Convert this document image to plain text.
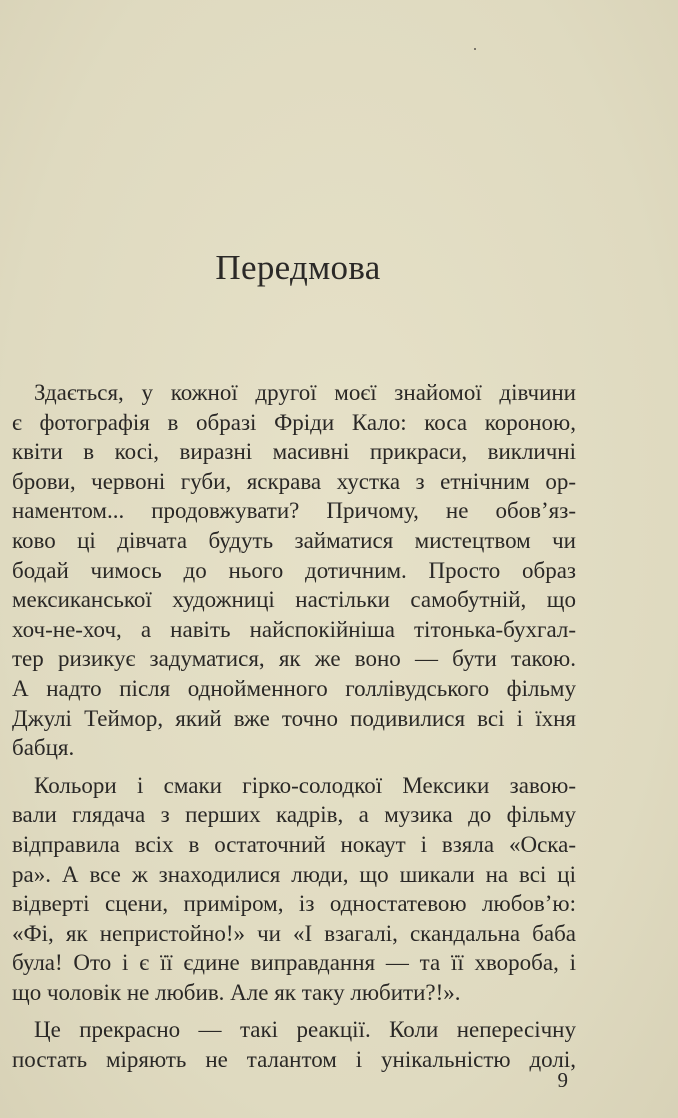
Передмова
Здається, у кожної другої моєї знайомої дівчини
є фотографія в образі Фріди Кало: коса короною,
квіти в косі, виразні масивні прикраси, викличні
брови, червоні губи, яскрава хустка з етнічним ор-
наментом... продовжувати? Причому, не обов’яз-
ково ці дівчата будуть займатися мистецтвом чи
бодай чимось до нього дотичним. Просто образ
мексиканської художниці настільки самобутній, що
хоч-не-хоч, а навіть найспокійніша тітонька-бухгал-
тер ризикує задуматися, як же воно — бути такою.
А надто після однойменного голлівудського фільму
Джулі Теймор, який вже точно подивилися всі і їхня
бабця.
Кольори і смаки гірко-солодкої Мексики завою-
вали глядача з перших кадрів, а музика до фільму
відправила всіх в остаточний нокаут і взяла «Оска-
ра». А все ж знаходилися люди, що шикали на всі ці
відверті сцени, приміром, із одностатевою любов’ю:
«Фі, як непристойно!» чи «І взагалі, скандальна баба
була! Ото і є її єдине виправдання — та її хвороба, і
що чоловік не любив. Але як таку любити?!».
Це прекрасно — такі реакції. Коли непересічну
постать міряють не талантом і унікальністю долі,
9
